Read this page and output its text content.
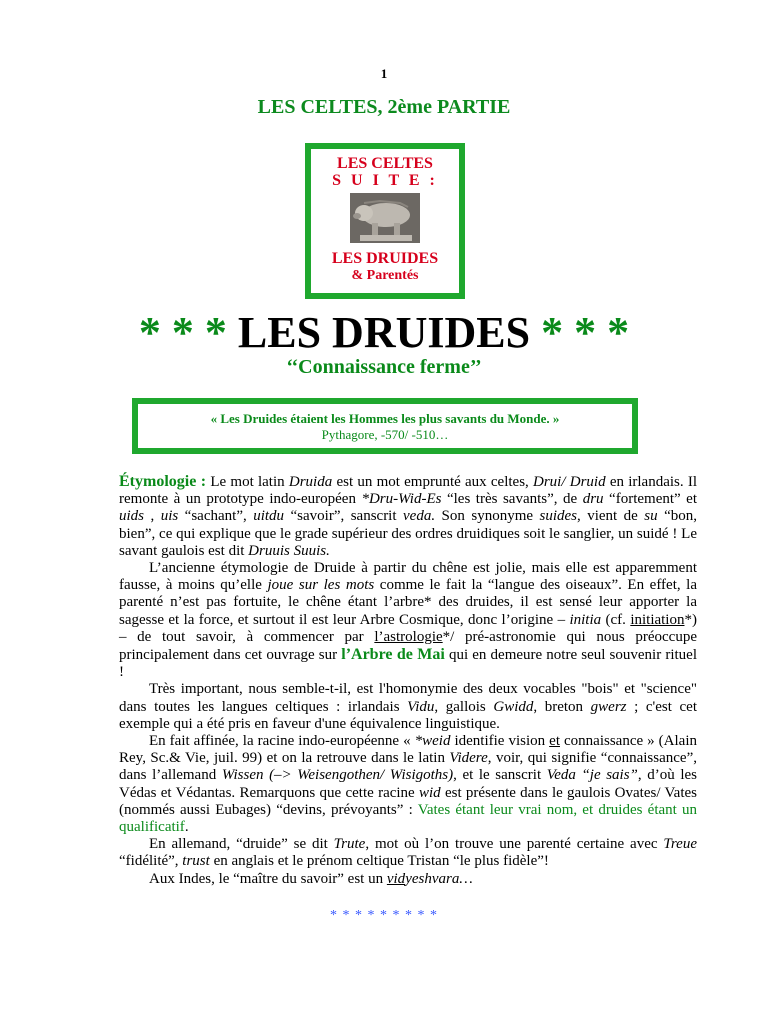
1
LES CELTES, 2ème PARTIE
LES CELTES
S U I T E :
LES DRUIDES
& Parentés
* * * LES DRUIDES * * *
‘‘Connaissance ferme’’
« Les Druides étaient les Hommes les plus savants du Monde. »
Pythagore, -570/ -510…

Étymologie : Le mot latin Druida est un mot emprunté aux celtes, Drui/ Druid en irlandais. Il remonte à un prototype indo-européen *Dru-Wid-Es “les très savants”, de dru “fortement” et uids , uis “sachant”, uitdu “savoir”, sanscrit veda. Son synonyme suides, vient de su “bon, bien”, ce qui explique que le grade supérieur des ordres druidiques soit le sanglier, un suidé ! Le savant gaulois est dit Druuis Suuis.

L’ancienne étymologie de Druide à partir du chêne est jolie, mais elle est apparemment fausse, à moins qu’elle joue sur les mots comme le fait la “langue des oiseaux”. En effet, la parenté n’est pas fortuite, le chêne étant l’arbre* des druides, il est sensé leur apporter la sagesse et la force, et surtout il est leur Arbre Cosmique, donc l’origine – initia (cf. initiation*) – de tout savoir, à commencer par l’astrologie*/ pré-astronomie qui nous préoccupe principalement dans cet ouvrage sur l’Arbre de Mai qui en demeure notre seul souvenir rituel !

Très important, nous semble-t-il, est l'homonymie des deux vocables "bois" et "science" dans toutes les langues celtiques : irlandais Vidu, gallois Gwidd, breton gwerz ; c'est cet exemple qui a été pris en faveur d'une équivalence linguistique.

En fait affinée, la racine indo-européenne « *weid identifie vision et connaissance » (Alain Rey, Sc.& Vie, juil. 99) et on la retrouve dans le latin Videre, voir, qui signifie “connaissance”, dans l’allemand Wissen (–> Weisengothen/ Wisigoths), et le sanscrit Veda “je sais”, d’où les Védas et Védantas. Remarquons que cette racine wid est présente dans le gaulois Ovates/ Vates (nommés aussi Eubages) “devins, prévoyants” : Vates étant leur vrai nom, et druides étant un qualificatif.

En allemand, “druide” se dit Trute, mot où l’on trouve une parenté certaine avec Treue “fidélité”, trust en anglais et le prénom celtique Tristan “le plus fidèle”!

Aux Indes, le “maître du savoir” est un vidyeshvara…

* * * * * * * * *
